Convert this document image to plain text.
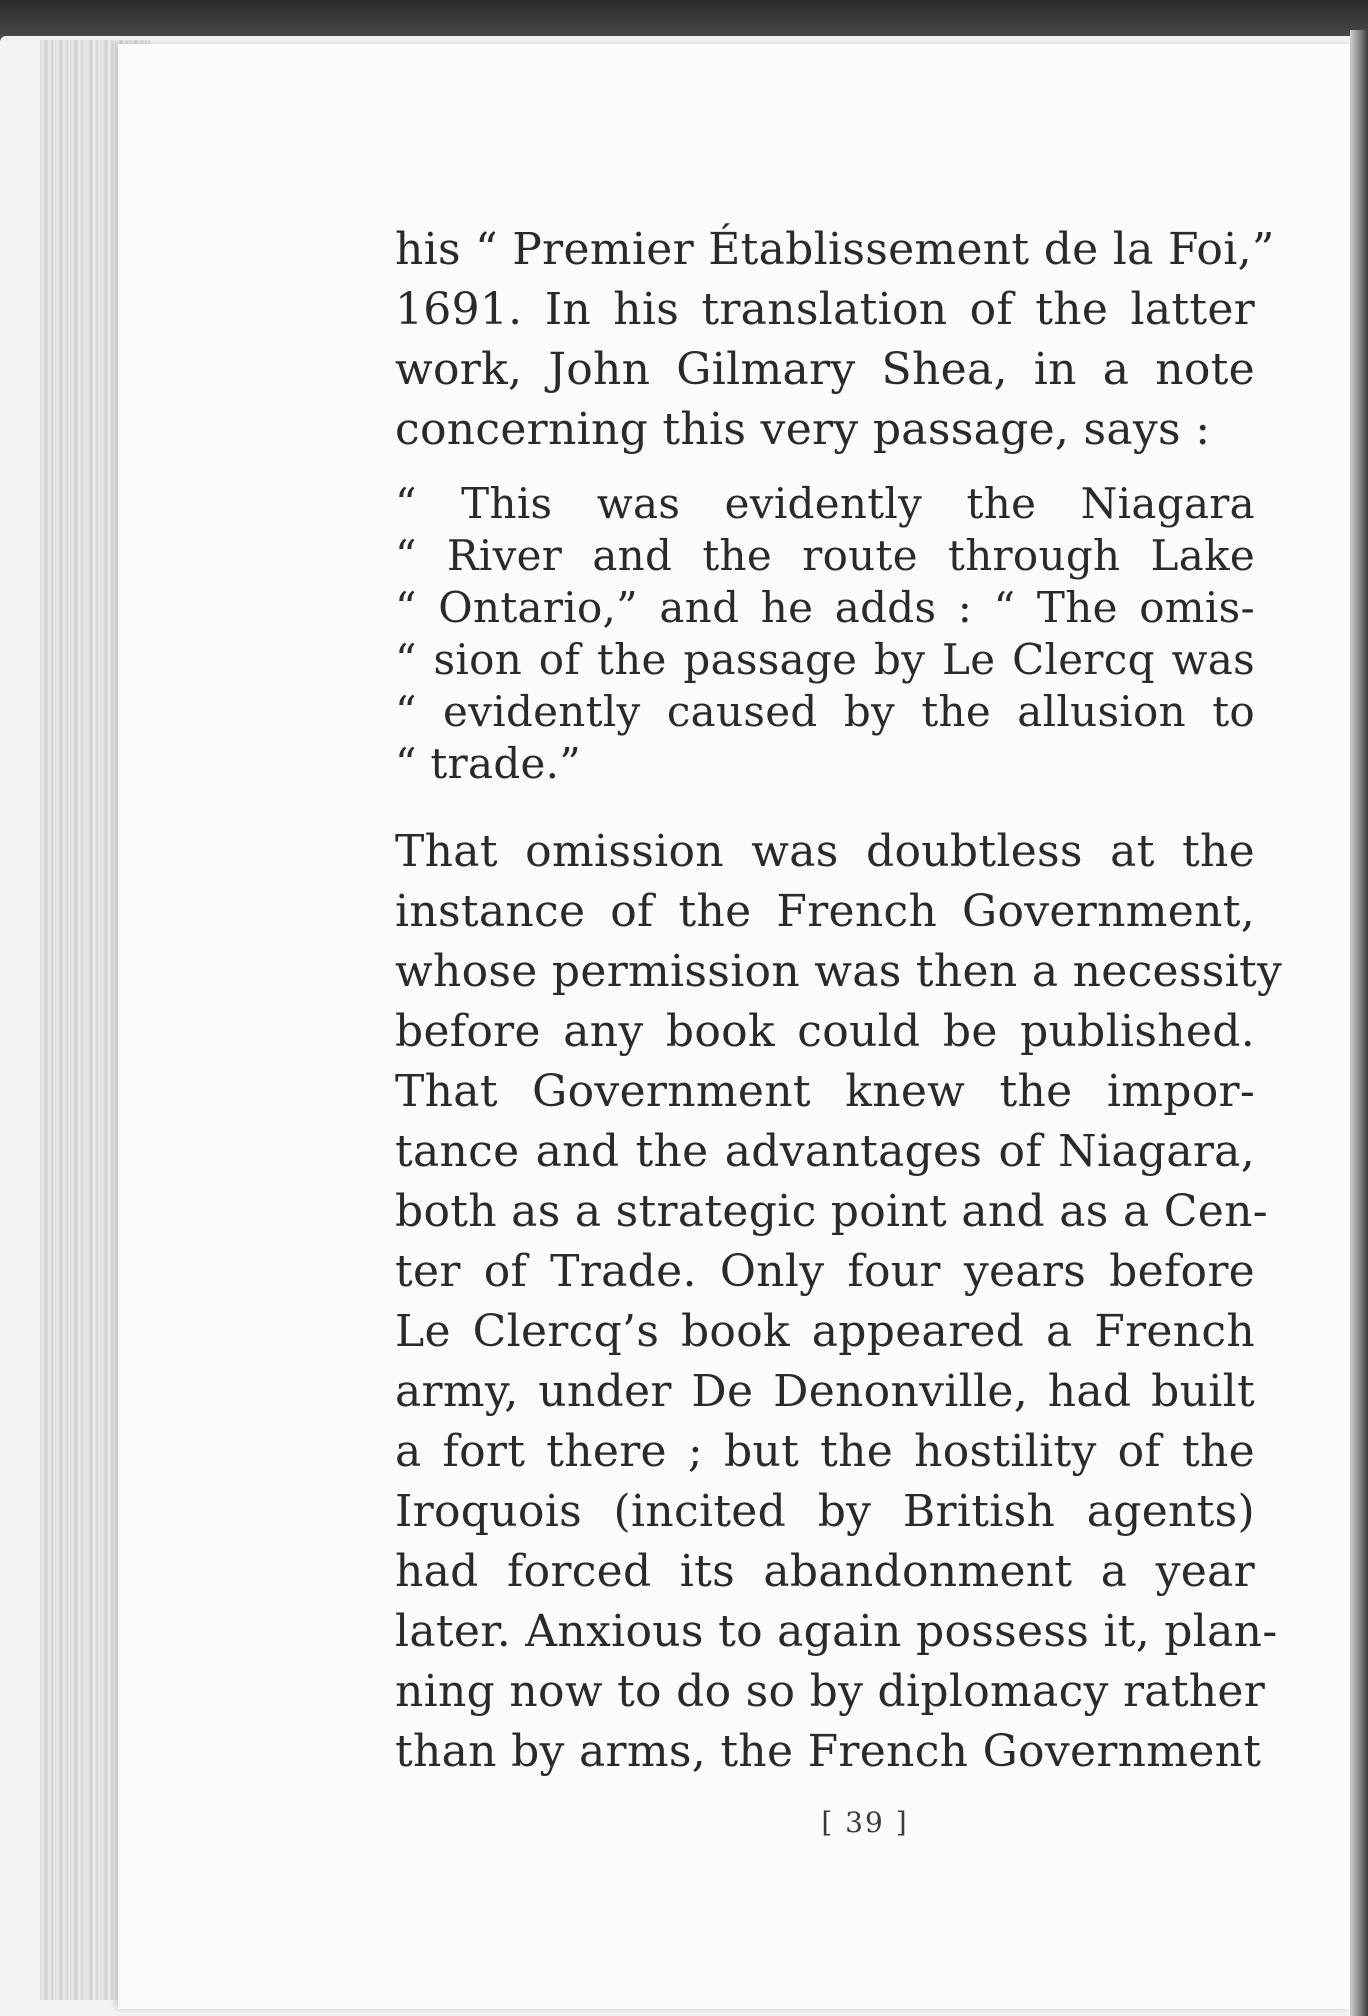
his “ Premier Établissement de la Foi,”
1691. In his translation of the latter
work, John Gilmary Shea, in a note
concerning this very passage, says :
“ This was evidently the Niagara
“ River and the route through Lake
“ Ontario,” and he adds : “ The omis-
“ sion of the passage by Le Clercq was
“ evidently caused by the allusion to
“ trade.”
That omission was doubtless at the
instance of the French Government,
whose permission was then a necessity
before any book could be published.
That Government knew the impor-
tance and the advantages of Niagara,
both as a strategic point and as a Cen-
ter of Trade. Only four years before
Le Clercq’s book appeared a French
army, under De Denonville, had built
a fort there ; but the hostility of the
Iroquois (incited by British agents)
had forced its abandonment a year
later. Anxious to again possess it, plan-
ning now to do so by diplomacy rather
than by arms, the French Government
[ 39 ]
